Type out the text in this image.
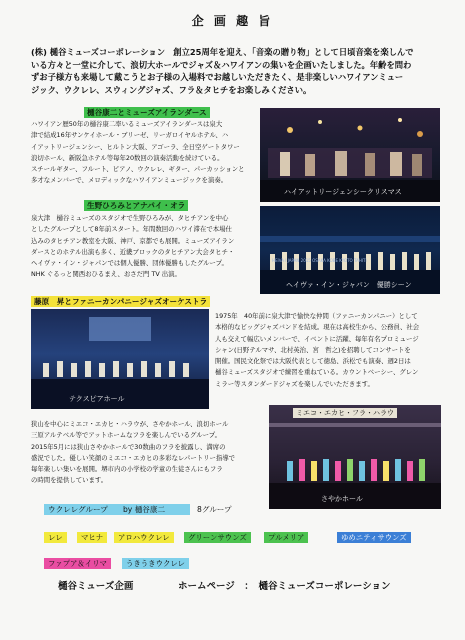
企 画 趣 旨
(株) 樋谷ミューズコーポレーション　創立25周年を迎え、「音楽の贈り物」として日頃音楽を楽しんで
いる方々と一堂に介して、浪切大ホールでジャズ＆ハワイアンの集いを企画いたしました。年齢を問わ
ずお子様方も来場して戴こうとお子様の入場料でお越しいただきたく、是非楽しいハワイアンミュー
ジック、ウクレレ、スウィングジャズ、フラ＆タヒチをお楽しみください。
樋谷康二とミューズアイランダース
ハワイアン歴50年の樋谷康二率いるミューズアイランダースは泉大
津で結成16年サンケイホール・ブリーゼ、リーガロイヤルホテル、ハ
イアットリージェンシー、ヒルトン大阪、アゴーラ、全日空ゲートタワー
浪切ホール、新阪急ホテル等毎年20数回の演奏活動を続けている。
スチールギター、フルート、ピアノ、ウクレレ、ギター、パーカッションと
多才なメンバーで、メロディックなハワイアンミュージックを演奏。
ハイアットリージェンシークリスマス
生野ひろみとアナパイ・オラ
泉大津　樋谷ミューズのスタジオで生野ひろみが、タヒチアンを中心
としたグループとして8年前スタート。年間数回のハワイ滞在で本場仕
込みのタヒチアン教室を大阪、神戸、京都でも展開。ミューズアイラン
ダースとのホテル出演も多く、近畿ブロックのタヒチアン大会タヒチ・
ヘイヴァ・イン・ジャパンでは個人優勝、団体優勝もしたグループ。
NHK ぐるっと関西おひるまえ、おさだ門 TV 出演。
HEIVA I JAPAN 2015 OSAKA KOBE KYOTO TAHITI
ヘイヴァ・イン・ジャパン　優勝シーン
藤原　昇とファニーカンパニージャズオーケストラ
テクスピアホール
1975年　40年前に泉大津で愉快な仲間（ファニーカンパニー）として
本格的なビッグジャズバンドを結成。現在は高校生から、公務員、社会
人も交えて幅広いメンバーで、イベントに活躍、毎年有名プロミュージ
シャン(日野テルマサ、北村英治、宮　哲之)を招聘してコンサートを
開催。国民文化祭では大阪代表として徳島、浜松でも演奏、週2日は
樋谷ミューズスタジオで練習を重ねている。カウントベーシー、グレン
ミラー等スタンダードジャズを楽しんでいただきます。
狭山を中心にミエコ・エカヒ・ハラウが、さやかホール、浪切ホール
三原アルテベル等でアットホームなフラを楽しんでいるグループ。
2015年5月には狭山さやかホールで30数曲のフラを披露し、満席の
盛況でした。優しい笑顔のミエコ・エカヒの多彩なレパートリー指導で
毎年楽しい集いを展開。堺市内の小学校の学童の生徒さんにもフラ
の時間を提供しています。
ミエコ・エカヒ・フラ・ハラウ
さやかホール
ウクレレグループ　　by 樋谷康二	8グループ
レレ	マヒナ	アロハウクレレ	グリーンサウンズ	プルメリア	ゆめニティサウンズ
ファプア＆イリマ	うきうきウクレレ
樋谷ミューズ企画	ホームページ　：　樋谷ミューズコーポレーション
